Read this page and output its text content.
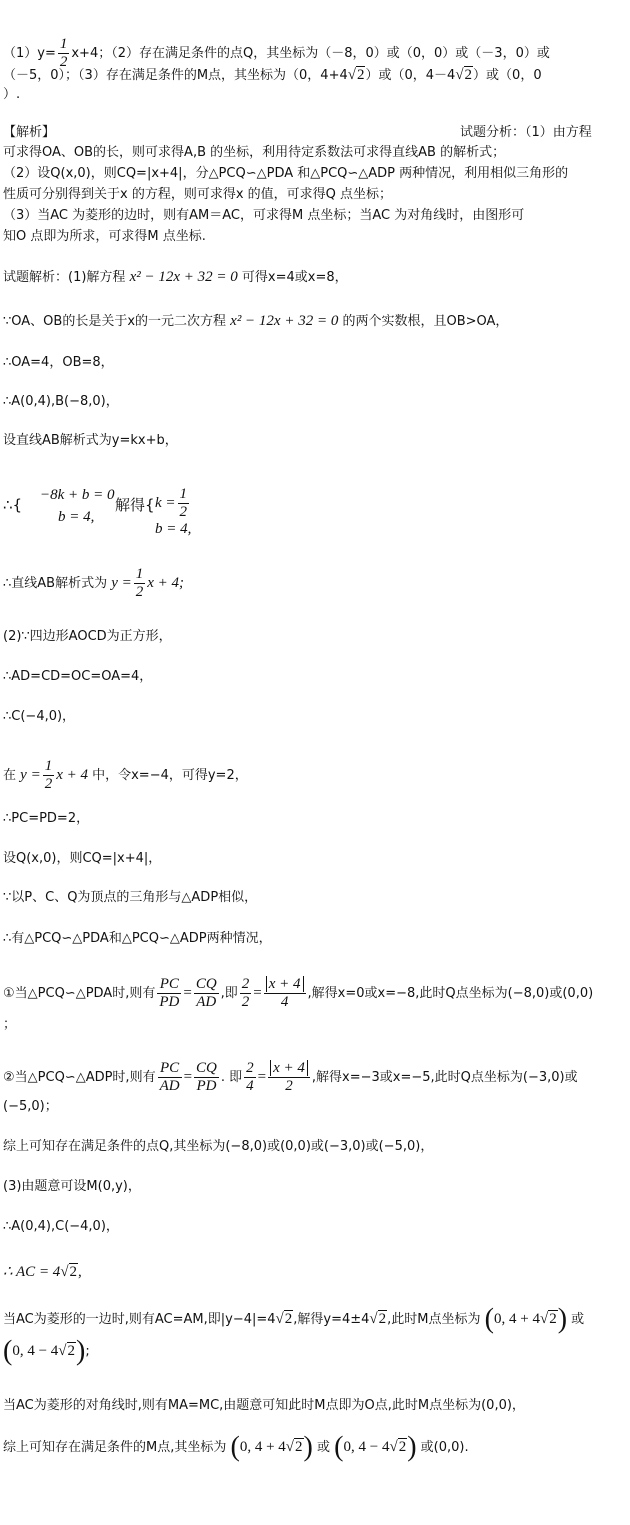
$(1)y= \frac{1}{2} x+4$；（2）存在满足条件的点Q，其坐标为（－8，0）或（0，0）或（－3，0）或
（－5，0）；（3）存在满足条件的M点，其坐标为（0，4+4√2）或（0，4－4√2）或（0，0
）.
【解析】	试题分析：（1）由方程
可求得OA、OB的长，则可求得A,B 的坐标，利用待定系数法可求得直线AB 的解析式；
（2）设Q(x,0)，则CQ=|x+4|，分△PCQ∽△PDA 和△PCQ∽△ADP 两种情况，利用相似三角形的
性质可分别得到关于x 的方程，则可求得x 的值，可求得Q 点坐标；
（3）当AC 为菱形的边时，则有AM＝AC，可求得M 点坐标；当AC 为对角线时，由图形可
知O 点即为所求，可求得M 点坐标.
试题解析：(1)解方程 x² − 12x + 32 = 0 可得x=4或x=8，
∵OA、OB的长是关于x的一元二次方程 x² − 12x + 32 = 0 的两个实数根，且OB>OA，
∴OA=4，OB=8，
∴A(0,4),B(−8,0)，
设直线AB解析式为y=kx+b，
∴{
−8k + b = 0
b = 4,
解得{ $k = \frac{1}{2}$
b = 4,
∴直线AB解析式为 $y = \frac{1}{2}$ x + 4;
(2)∵四边形AOCD为正方形，
∴AD=CD=OC=OA=4，
∴C(−4,0)，
在 $y = \frac{1}{2}$ x + 4 中，令x=−4，可得y=2，
∴PC=PD=2，
设Q(x,0)，则CQ=|x+4|，
∵以P、C、Q为顶点的三角形与△ADP相似，
∴有△PCQ∽△PDA和△PCQ∽△ADP两种情况，
①当△PCQ∽△PDA时,则有 $\frac{PC}{PD} = \frac{CQ}{AD}$ ,即 $\frac{2}{2} = \frac{x + 4}{4}$ ,解得x=0或x=−8,此时Q点坐标为(−8,0)或(0,0)
；
②当△PCQ∽△ADP时,则有 $\frac{PC}{AD} = \frac{CQ}{PD}$ . 即 $\frac{2}{4} = \frac{x + 4}{2}$ ,解得x=−3或x=−5,此时Q点坐标为(−3,0)或
(−5,0)；
综上可知存在满足条件的点Q,其坐标为(−8,0)或(0,0)或(−3,0)或(−5,0)，
(3)由题意可设M(0,y)，
∴A(0,4),C(−4,0)，
∴ AC = 4√2,
当AC为菱形的一边时,则有AC=AM,即|y−4|=4√2,解得y=4±4√2,此时M点坐标为 (0, 4 + 4√2) 或
(0, 4 − 4√2);
当AC为菱形的对角线时,则有MA=MC,由题意可知此时M点即为O点,此时M点坐标为(0,0)，
综上可知存在满足条件的M点,其坐标为 (0, 4 + 4√2) 或 (0, 4 − 4√2) 或(0,0).
